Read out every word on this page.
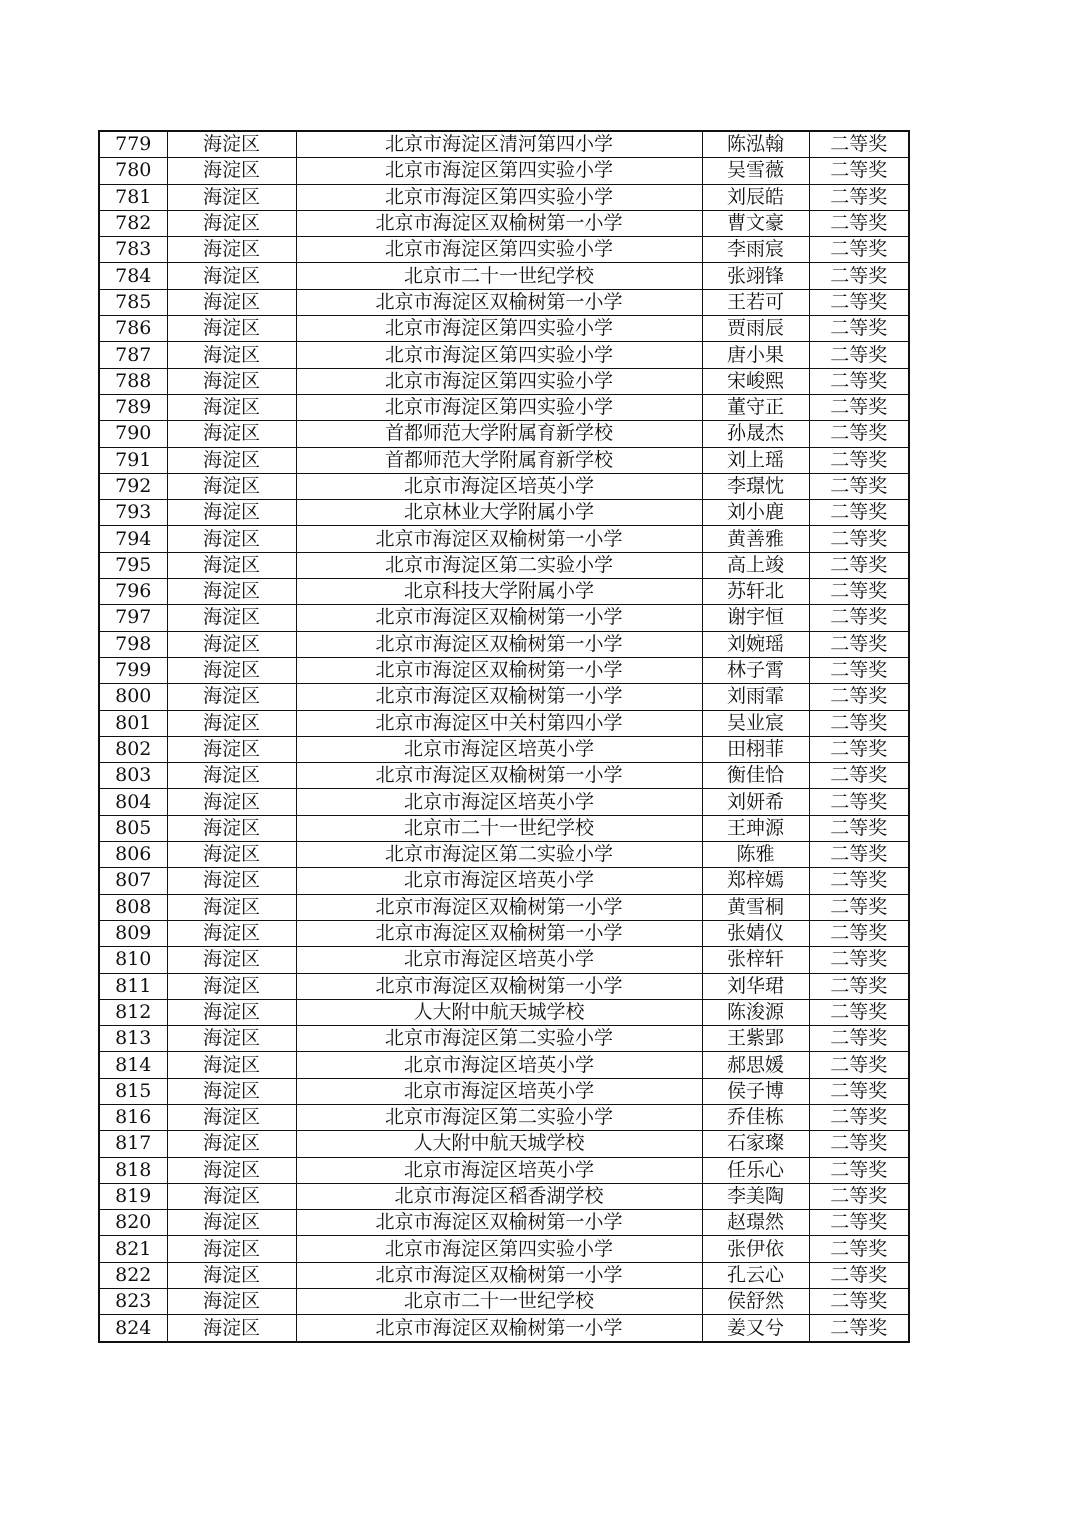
779	海淀区	北京市海淀区清河第四小学	陈泓翰	二等奖
780	海淀区	北京市海淀区第四实验小学	吴雪薇	二等奖
781	海淀区	北京市海淀区第四实验小学	刘辰皓	二等奖
782	海淀区	北京市海淀区双榆树第一小学	曹文豪	二等奖
783	海淀区	北京市海淀区第四实验小学	李雨宸	二等奖
784	海淀区	北京市二十一世纪学校	张翊锋	二等奖
785	海淀区	北京市海淀区双榆树第一小学	王若可	二等奖
786	海淀区	北京市海淀区第四实验小学	贾雨辰	二等奖
787	海淀区	北京市海淀区第四实验小学	唐小果	二等奖
788	海淀区	北京市海淀区第四实验小学	宋峻熙	二等奖
789	海淀区	北京市海淀区第四实验小学	董守正	二等奖
790	海淀区	首都师范大学附属育新学校	孙晟杰	二等奖
791	海淀区	首都师范大学附属育新学校	刘上瑶	二等奖
792	海淀区	北京市海淀区培英小学	李璟忱	二等奖
793	海淀区	北京林业大学附属小学	刘小鹿	二等奖
794	海淀区	北京市海淀区双榆树第一小学	黄善雅	二等奖
795	海淀区	北京市海淀区第二实验小学	高上竣	二等奖
796	海淀区	北京科技大学附属小学	苏轩北	二等奖
797	海淀区	北京市海淀区双榆树第一小学	谢宇恒	二等奖
798	海淀区	北京市海淀区双榆树第一小学	刘婉瑶	二等奖
799	海淀区	北京市海淀区双榆树第一小学	林子霄	二等奖
800	海淀区	北京市海淀区双榆树第一小学	刘雨霏	二等奖
801	海淀区	北京市海淀区中关村第四小学	吴业宸	二等奖
802	海淀区	北京市海淀区培英小学	田栩菲	二等奖
803	海淀区	北京市海淀区双榆树第一小学	衡佳恰	二等奖
804	海淀区	北京市海淀区培英小学	刘妍希	二等奖
805	海淀区	北京市二十一世纪学校	王珅源	二等奖
806	海淀区	北京市海淀区第二实验小学	陈雅	二等奖
807	海淀区	北京市海淀区培英小学	郑梓嫣	二等奖
808	海淀区	北京市海淀区双榆树第一小学	黄雪桐	二等奖
809	海淀区	北京市海淀区双榆树第一小学	张婧仪	二等奖
810	海淀区	北京市海淀区培英小学	张梓轩	二等奖
811	海淀区	北京市海淀区双榆树第一小学	刘华珺	二等奖
812	海淀区	人大附中航天城学校	陈浚源	二等奖
813	海淀区	北京市海淀区第二实验小学	王紫郢	二等奖
814	海淀区	北京市海淀区培英小学	郝思媛	二等奖
815	海淀区	北京市海淀区培英小学	侯子博	二等奖
816	海淀区	北京市海淀区第二实验小学	乔佳栋	二等奖
817	海淀区	人大附中航天城学校	石家璨	二等奖
818	海淀区	北京市海淀区培英小学	任乐心	二等奖
819	海淀区	北京市海淀区稻香湖学校	李美陶	二等奖
820	海淀区	北京市海淀区双榆树第一小学	赵璟然	二等奖
821	海淀区	北京市海淀区第四实验小学	张伊依	二等奖
822	海淀区	北京市海淀区双榆树第一小学	孔云心	二等奖
823	海淀区	北京市二十一世纪学校	侯舒然	二等奖
824	海淀区	北京市海淀区双榆树第一小学	姜又兮	二等奖
